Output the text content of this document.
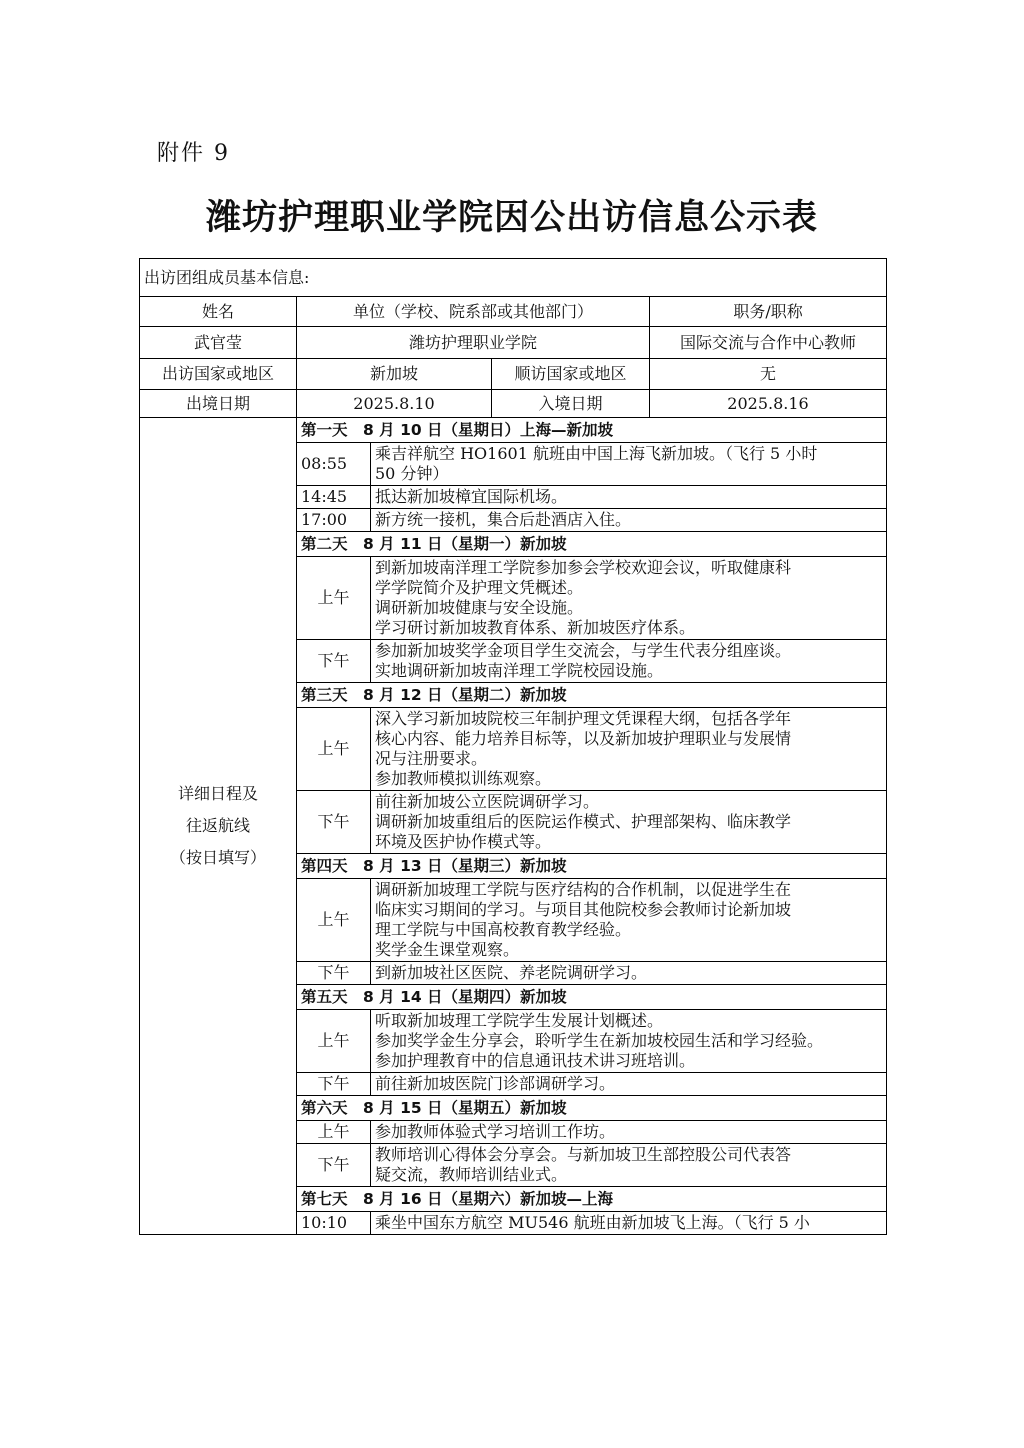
附件 9
潍坊护理职业学院因公出访信息公示表
出访团组成员基本信息:				
姓名	单位（学校、院系部或其他部门）			职务/职称
武官莹	潍坊护理职业学院			国际交流与合作中心教师
出访国家或地区	新加坡		顺访国家或地区	无
出境日期	2025.8.10		入境日期	2025.8.16

详细日程及
往返航线
（按日填写）	第一天　8 月 10 日（星期日）上海—新加坡			
	08:55	乘吉祥航空 HO1601 航班由中国上海飞新加坡。（飞行 5 小时
50 分钟）		

	14:45	抵达新加坡樟宜国际机场。		

	17:00	新方统一接机，集合后赴酒店入住。		

	第二天　8 月 11 日（星期一）新加坡			
	上午	到新加坡南洋理工学院参加参会学校欢迎会议，听取健康科
学学院简介及护理文凭概述。
调研新加坡健康与安全设施。
学习研讨新加坡教育体系、新加坡医疗体系。		

	下午	参加新加坡奖学金项目学生交流会，与学生代表分组座谈。
实地调研新加坡南洋理工学院校园设施。		

	第三天　8 月 12 日（星期二）新加坡			
	上午	深入学习新加坡院校三年制护理文凭课程大纲，包括各学年
核心内容、能力培养目标等，以及新加坡护理职业与发展情
况与注册要求。
参加教师模拟训练观察。		

	下午	前往新加坡公立医院调研学习。
调研新加坡重组后的医院运作模式、护理部架构、临床教学
环境及医护协作模式等。		

	第四天　8 月 13 日（星期三）新加坡			
	上午	调研新加坡理工学院与医疗结构的合作机制，以促进学生在
临床实习期间的学习。与项目其他院校参会教师讨论新加坡
理工学院与中国高校教育教学经验。
奖学金生课堂观察。		

	下午	到新加坡社区医院、养老院调研学习。		

	第五天　8 月 14 日（星期四）新加坡			
	上午	听取新加坡理工学院学生发展计划概述。
参加奖学金生分享会，聆听学生在新加坡校园生活和学习经验。
参加护理教育中的信息通讯技术讲习班培训。		

	下午	前往新加坡医院门诊部调研学习。		

	第六天　8 月 15 日（星期五）新加坡			
	上午	参加教师体验式学习培训工作坊。		

	下午	教师培训心得体会分享会。与新加坡卫生部控股公司代表答
疑交流，教师培训结业式。		

	第七天　8 月 16 日（星期六）新加坡—上海			
	10:10	乘坐中国东方航空 MU546 航班由新加坡飞上海。（飞行 5 小		
